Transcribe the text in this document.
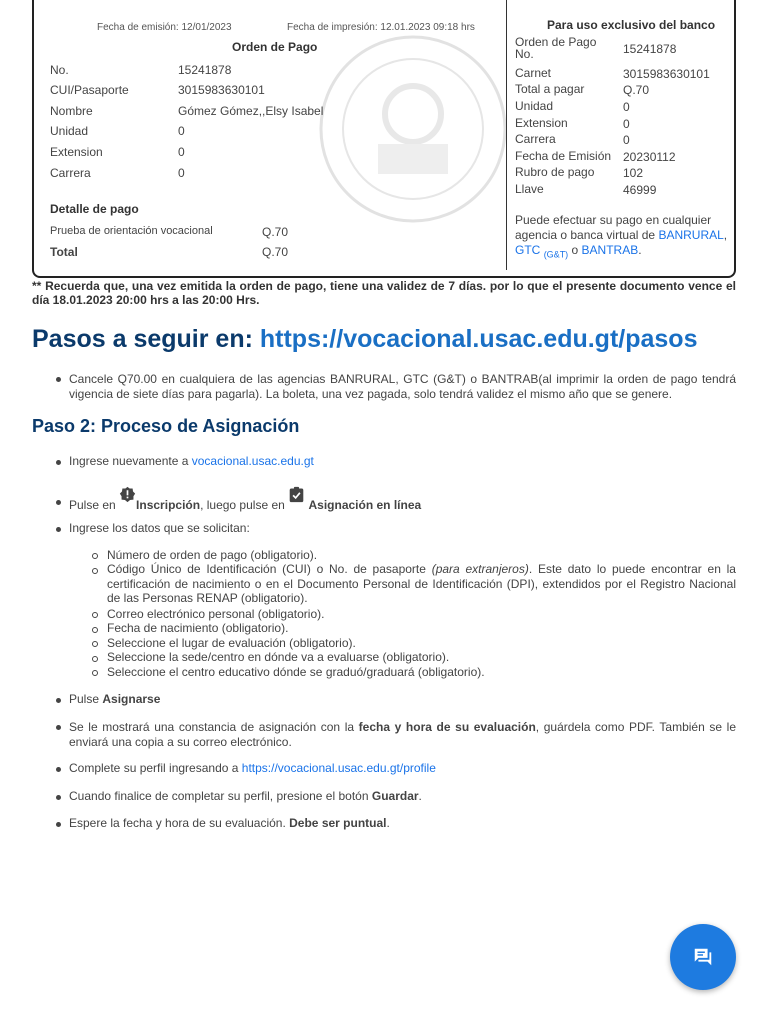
Fecha de emisión: 12/01/2023	Fecha de impresión: 12.01.2023 09:18 hrs
Orden de Pago
No.	15241878
CUI/Pasaporte	3015983630101
Nombre	Gómez Gómez,,Elsy Isabel
Unidad	0
Extension	0
Carrera	0
Detalle de pago
Prueba de orientación vocacional	Q.70
Total	Q.70
Para uso exclusivo del banco
Orden de Pago No.	15241878
Carnet	3015983630101
Total a pagar	Q.70
Unidad	0
Extension	0
Carrera	0
Fecha de Emisión 20230112
Rubro de pago	102
Llave	46999
Puede efectuar su pago en cualquier agencia o banca virtual de BANRURAL, GTC $_{(G\&T)}$ o BANTRAB.
** Recuerda que, una vez emitida la orden de pago, tiene una validez de 7 días. por lo que el presente documento vence el día 18.01.2023 20:00 hrs a las 20:00 Hrs.
Pasos a seguir en: https://vocacional.usac.edu.gt/pasos
Cancele Q70.00 en cualquiera de las agencias BANRURAL, GTC (G&T) o BANTRAB(al imprimir la orden de pago tendrá vigencia de siete días para pagarla). La boleta, una vez pagada, solo tendrá validez el mismo año que se genere.
Paso 2: Proceso de Asignación
Ingrese nuevamente a vocacional.usac.edu.gt
Pulse en Inscripción, luego pulse en  Asignación en línea
Ingrese los datos que se solicitan:
Número de orden de pago (obligatorio).
Código Único de Identificación (CUI) o No. de pasaporte (para extranjeros). Este dato lo puede encontrar en la certificación de nacimiento o en el Documento Personal de Identificación (DPI), extendidos por el Registro Nacional de las Personas RENAP (obligatorio).
Correo electrónico personal (obligatorio).
Fecha de nacimiento (obligatorio).
Seleccione el lugar de evaluación (obligatorio).
Seleccione la sede/centro en dónde va a evaluarse (obligatorio).
Seleccione el centro educativo dónde se graduó/graduará (obligatorio).
Pulse Asignarse
Se le mostrará una constancia de asignación con la fecha y hora de su evaluación, guárdela como PDF. También se le enviará una copia a su correo electrónico.
Complete su perfil ingresando a https://vocacional.usac.edu.gt/profile
Cuando finalice de completar su perfil, presione el botón Guardar.
Espere la fecha y hora de su evaluación. Debe ser puntual.
